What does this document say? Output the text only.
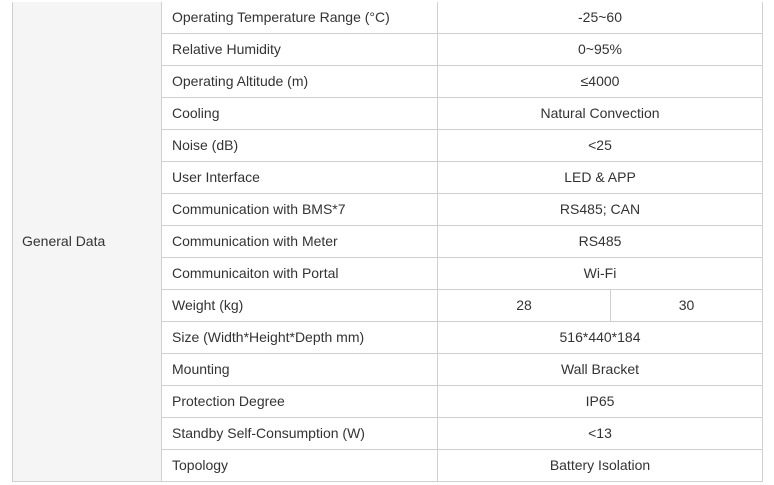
General Data	Operating Temperature Range (°C)	-25~60	
	Relative Humidity	0~95%	
	Operating Altitude (m)	≤4000	
	Cooling	Natural Convection	
	Noise (dB)	<25	
	User Interface	LED & APP	
	Communication with BMS*7	RS485; CAN	
	Communication with Meter	RS485	
	Communicaiton with Portal	Wi-Fi	
	Weight (kg)	28	30
	Size (Width*Height*Depth mm)	516*440*184	
	Mounting	Wall Bracket	
	Protection Degree	IP65	
	Standby Self-Consumption (W)	<13	
	Topology	Battery Isolation	
